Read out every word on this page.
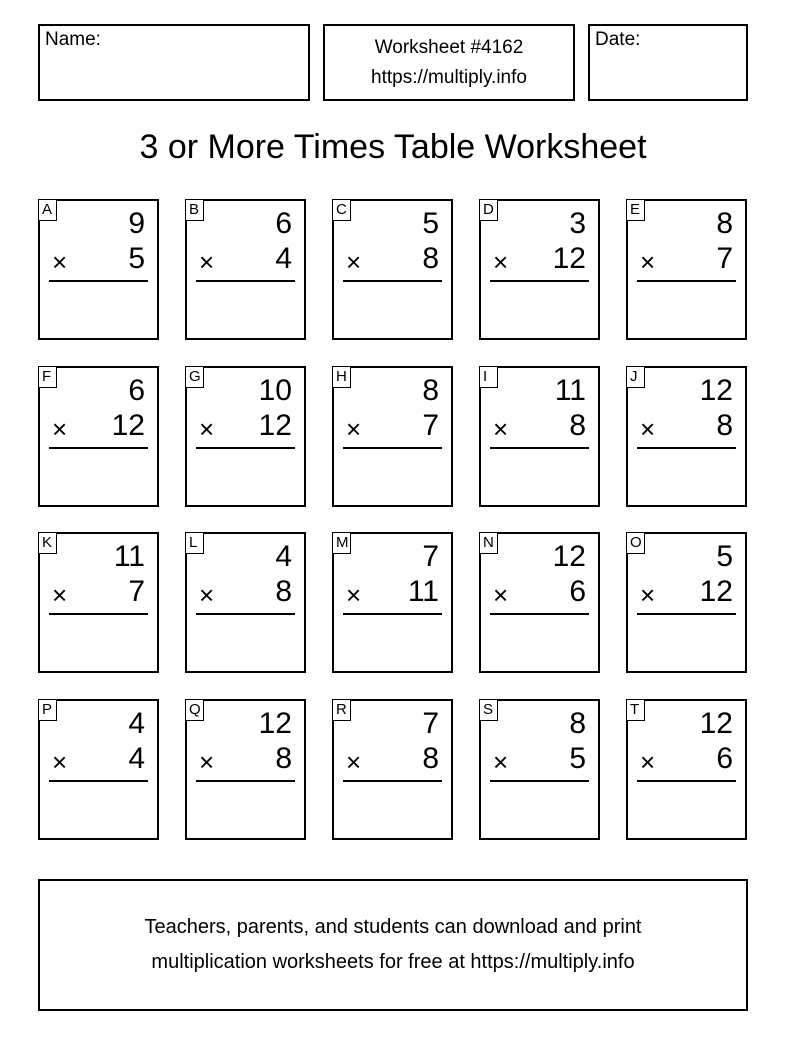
Name:	Worksheet #4162
https://multiply.info
Date:
3 or More Times Table Worksheet
A	9
× 5
B	6
× 4
C	5
× 8
D	3
× 12
E	8
× 7
F	6
× 12
G 10
× 12
H	8
× 7
I	11
× 8
J 12
× 8
K 11
× 7
L	4
× 8
M 7
× 11
N 12
× 6
O 5
× 12
P	4
× 4
Q 12
× 8
R	7
× 8
S	8
× 5
T 12
× 6
Teachers, parents, and students can download and print
multiplication worksheets for free at https://multiply.info
